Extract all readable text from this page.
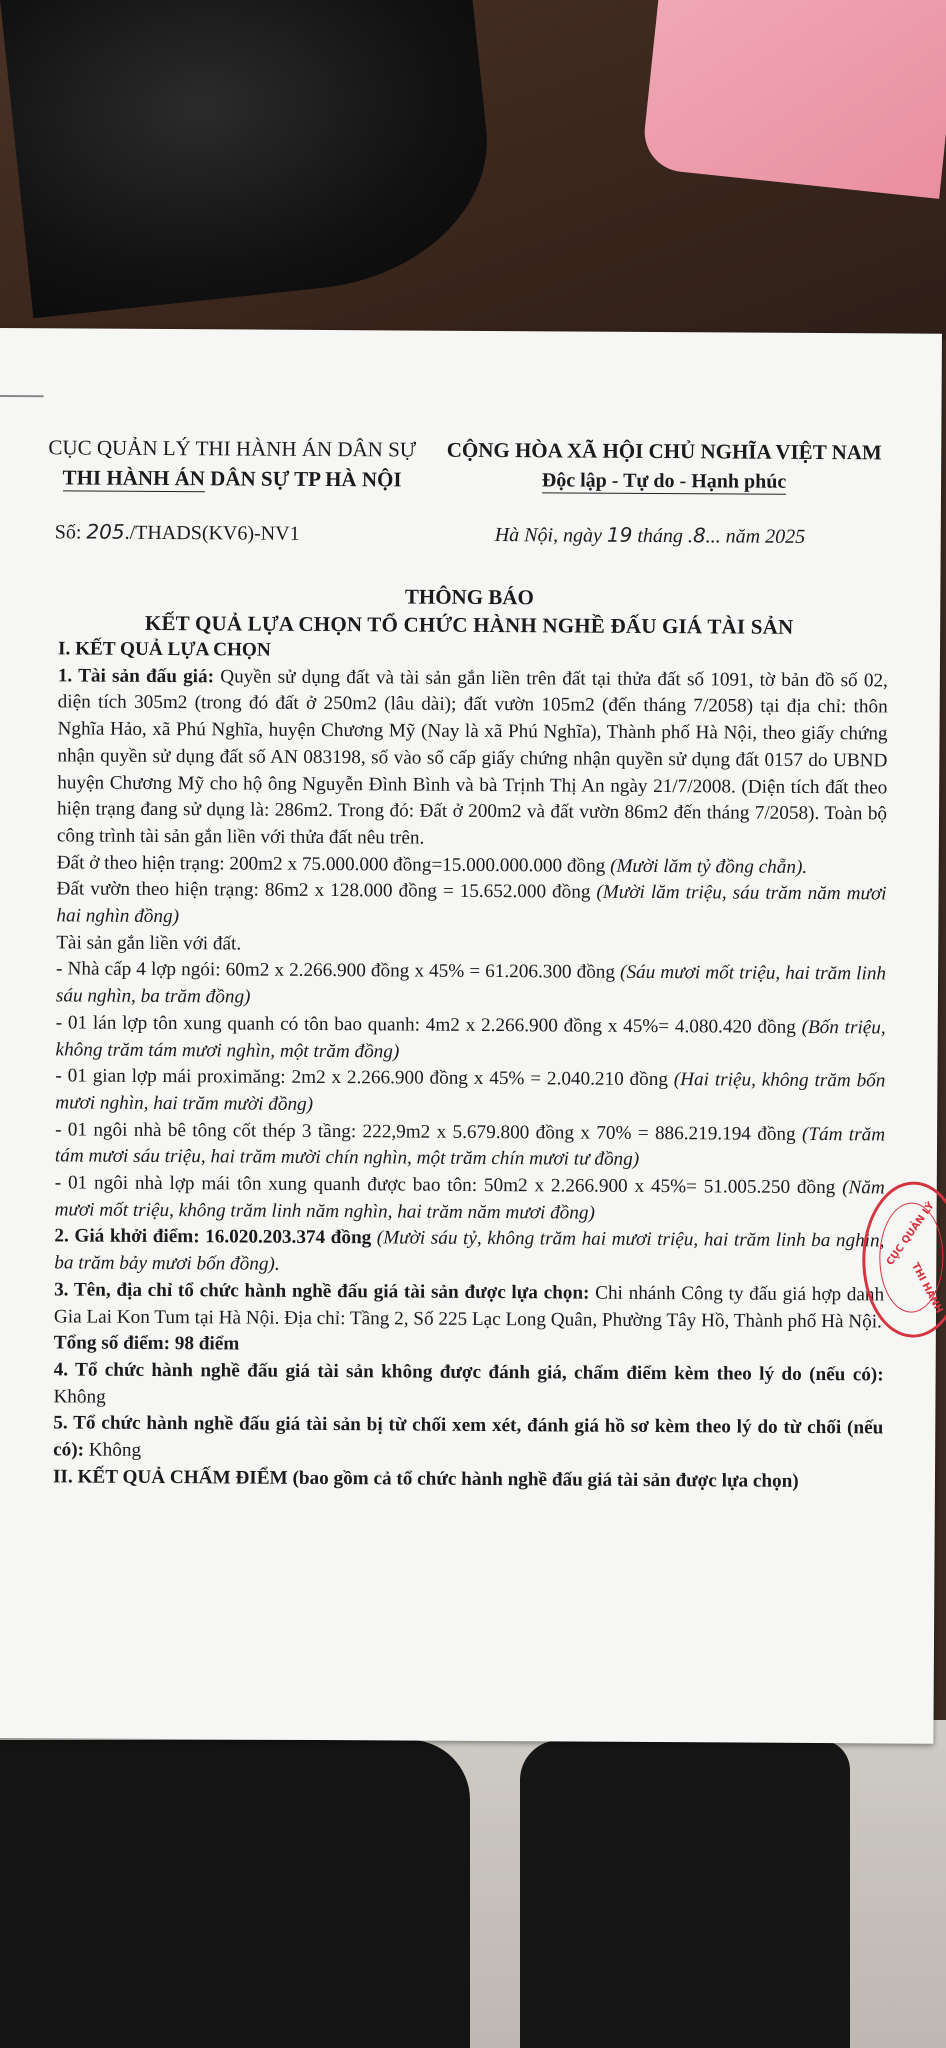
CỤC QUẢN LÝ THI HÀNH ÁN DÂN SỰ
THI HÀNH ÁN DÂN SỰ TP HÀ NỘI
CỘNG HÒA XÃ HỘI CHỦ NGHĨA VIỆT NAM
Độc lập - Tự do - Hạnh phúc
Số: 205./THADS(KV6)-NV1	Hà Nội, ngày 19 tháng .8... năm 2025
THÔNG BÁO
KẾT QUẢ LỰA CHỌN TỔ CHỨC HÀNH NGHỀ ĐẤU GIÁ TÀI SẢN

I. KẾT QUẢ LỰA CHỌN

1. Tài sản đấu giá: Quyền sử dụng đất và tài sản gắn liền trên đất tại thửa đất số 1091, tờ bản đồ số 02, diện tích 305m2 (trong đó đất ở 250m2 (lâu dài); đất vườn 105m2 (đến tháng 7/2058) tại địa chỉ: thôn Nghĩa Hảo, xã Phú Nghĩa, huyện Chương Mỹ (Nay là xã Phú Nghĩa), Thành phố Hà Nội, theo giấy chứng nhận quyền sử dụng đất số AN 083198, số vào sổ cấp giấy chứng nhận quyền sử dụng đất 0157 do UBND huyện Chương Mỹ cho hộ ông Nguyễn Đình Bình và bà Trịnh Thị An ngày 21/7/2008. (Diện tích đất theo hiện trạng đang sử dụng là: 286m2. Trong đó: Đất ở 200m2 và đất vườn 86m2 đến tháng 7/2058). Toàn bộ công trình tài sản gắn liền với thửa đất nêu trên.

Đất ở theo hiện trạng: 200m2 x 75.000.000 đồng=15.000.000.000 đồng (Mười lăm tỷ đồng chẵn).

Đất vườn theo hiện trạng: 86m2 x 128.000 đồng = 15.652.000 đồng (Mười lăm triệu, sáu trăm năm mươi hai nghìn đồng)

Tài sản gắn liền với đất.

- Nhà cấp 4 lợp ngói: 60m2 x 2.266.900 đồng x 45% = 61.206.300 đồng (Sáu mươi mốt triệu, hai trăm linh sáu nghìn, ba trăm đồng)

- 01 lán lợp tôn xung quanh có tôn bao quanh: 4m2 x 2.266.900 đồng x 45%= 4.080.420 đồng (Bốn triệu, không trăm tám mươi nghìn, một trăm đồng)

- 01 gian lợp mái proximăng: 2m2 x 2.266.900 đồng x 45% = 2.040.210 đồng (Hai triệu, không trăm bốn mươi nghìn, hai trăm mười đồng)

- 01 ngôi nhà bê tông cốt thép 3 tầng: 222,9m2 x 5.679.800 đồng x 70% = 886.219.194 đồng (Tám trăm tám mươi sáu triệu, hai trăm mười chín nghìn, một trăm chín mươi tư đồng)

- 01 ngôi nhà lợp mái tôn xung quanh được bao tôn: 50m2 x 2.266.900 x 45%= 51.005.250 đồng (Năm mươi mốt triệu, không trăm linh năm nghìn, hai trăm năm mươi đồng)

2. Giá khởi điểm: 16.020.203.374 đồng (Mười sáu tỷ, không trăm hai mươi triệu, hai trăm linh ba nghìn, ba trăm bảy mươi bốn đồng).

3. Tên, địa chỉ tổ chức hành nghề đấu giá tài sản được lựa chọn: Chi nhánh Công ty đấu giá hợp danh Gia Lai Kon Tum tại Hà Nội. Địa chỉ: Tầng 2, Số 225 Lạc Long Quân, Phường Tây Hồ, Thành phố Hà Nội.

Tổng số điểm: 98 điểm

4. Tổ chức hành nghề đấu giá tài sản không được đánh giá, chấm điểm kèm theo lý do (nếu có): Không

5. Tổ chức hành nghề đấu giá tài sản bị từ chối xem xét, đánh giá hồ sơ kèm theo lý do từ chối (nếu có): Không

II. KẾT QUẢ CHẤM ĐIỂM (bao gồm cả tổ chức hành nghề đấu giá tài sản được lựa chọn)

CỤC QUẢN LÝ
THI HÀNH
